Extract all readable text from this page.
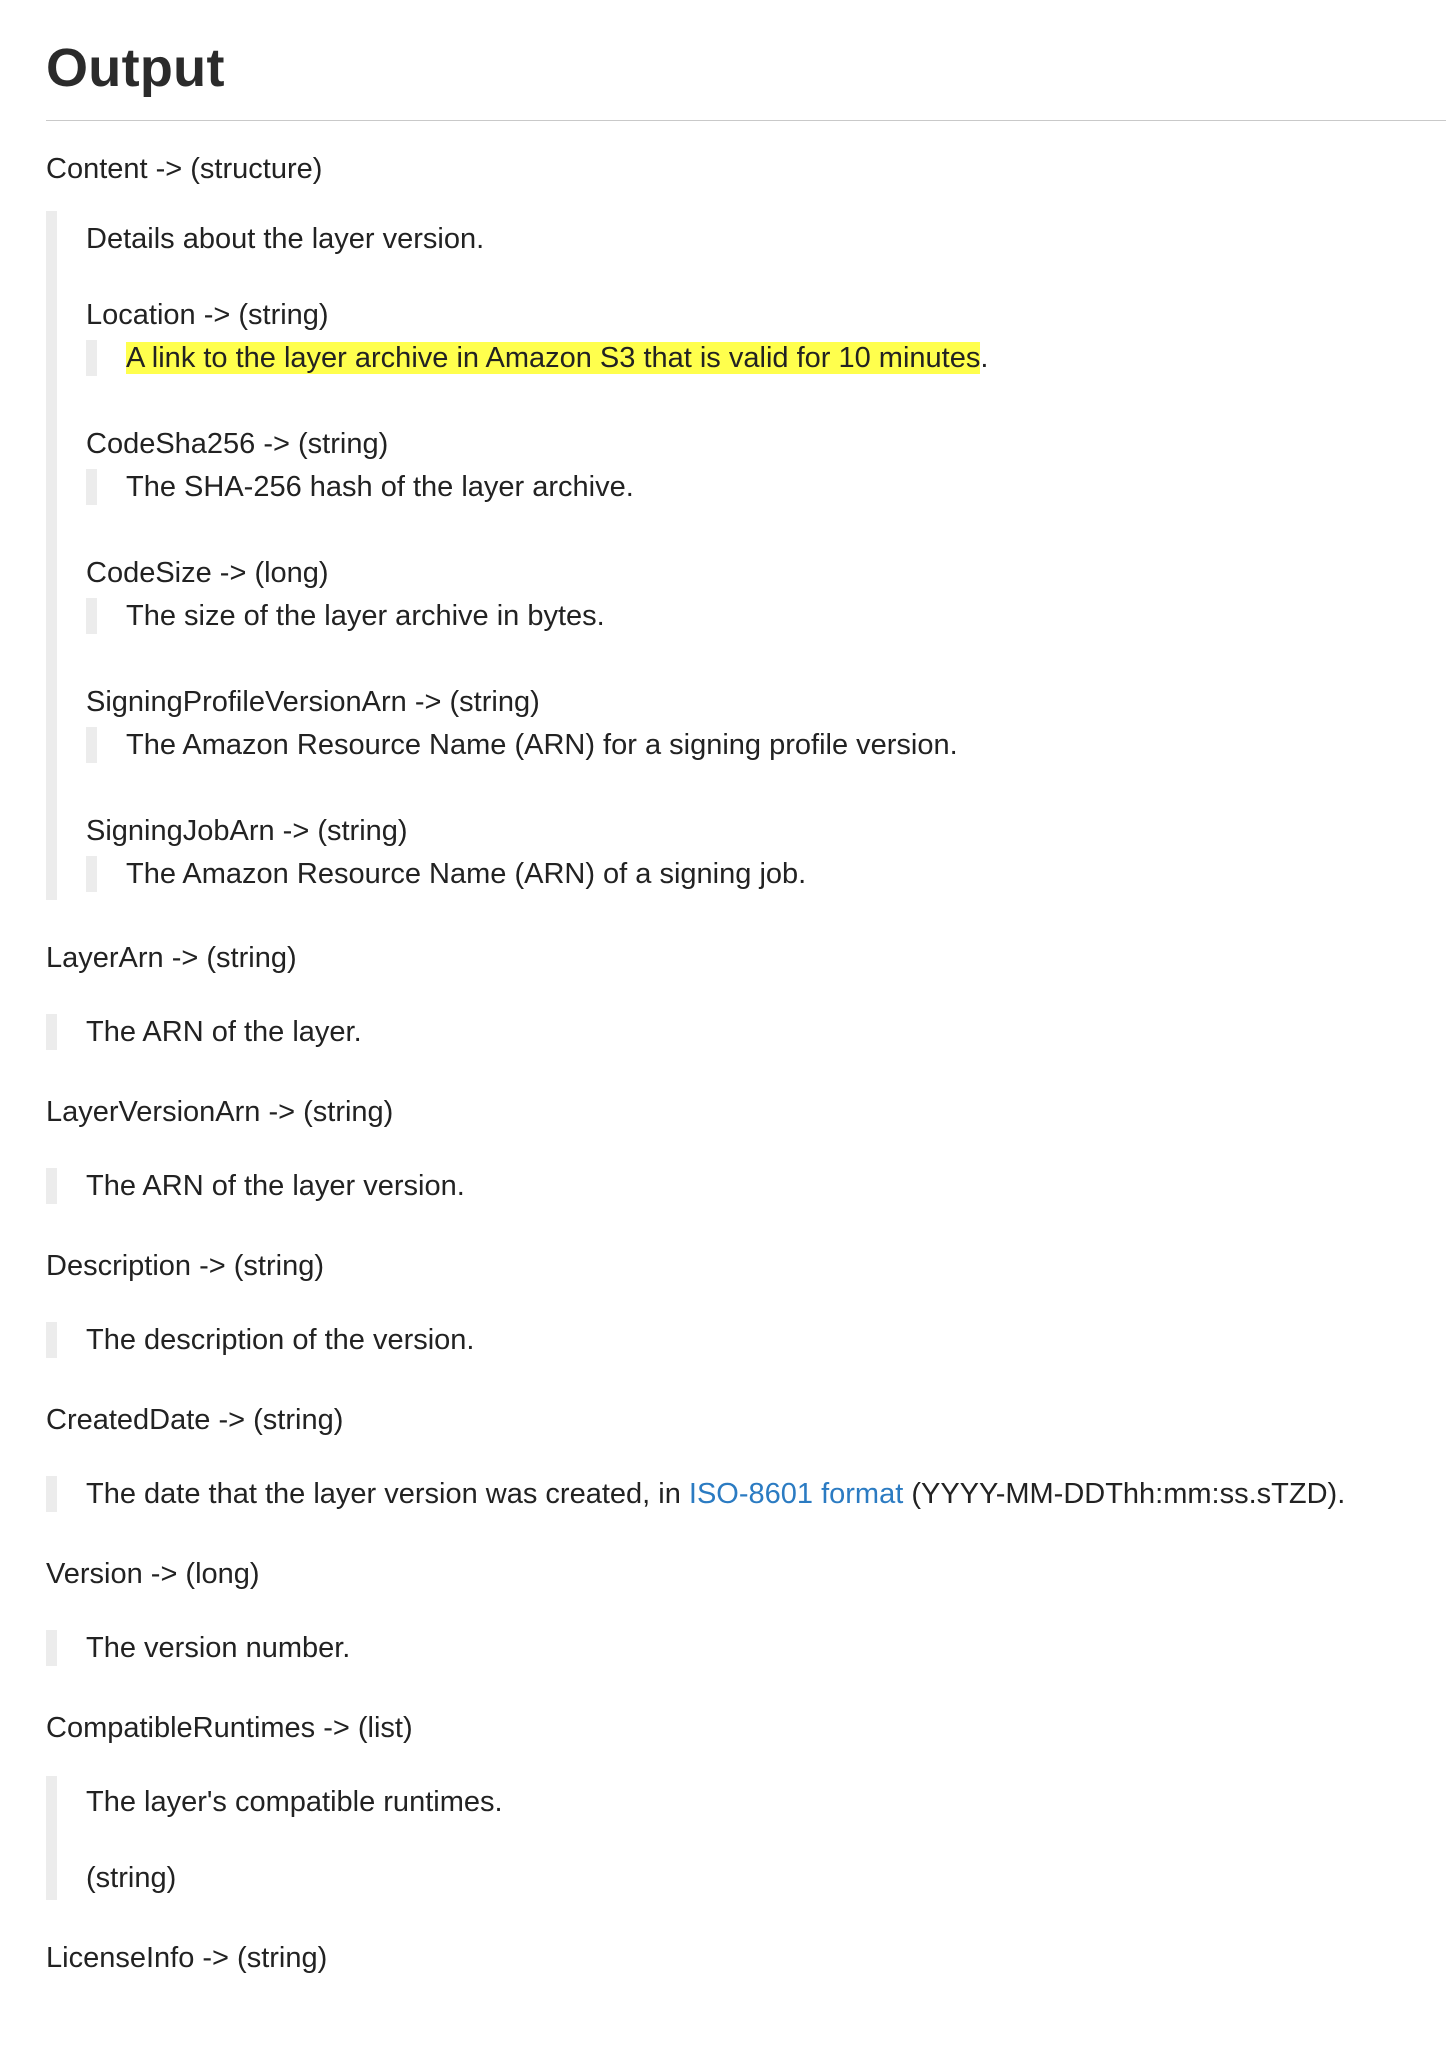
Output
Content -> (structure)
Details about the layer version.
Location -> (string)
A link to the layer archive in Amazon S3 that is valid for 10 minutes.
CodeSha256 -> (string)
The SHA-256 hash of the layer archive.
CodeSize -> (long)
The size of the layer archive in bytes.
SigningProfileVersionArn -> (string)
The Amazon Resource Name (ARN) for a signing profile version.
SigningJobArn -> (string)
The Amazon Resource Name (ARN) of a signing job.
LayerArn -> (string)
The ARN of the layer.
LayerVersionArn -> (string)
The ARN of the layer version.
Description -> (string)
The description of the version.
CreatedDate -> (string)
The date that the layer version was created, in ISO-8601 format (YYYY-MM-DDThh:mm:ss.sTZD).
Version -> (long)
The version number.
CompatibleRuntimes -> (list)
The layer's compatible runtimes.
(string)
LicenseInfo -> (string)
